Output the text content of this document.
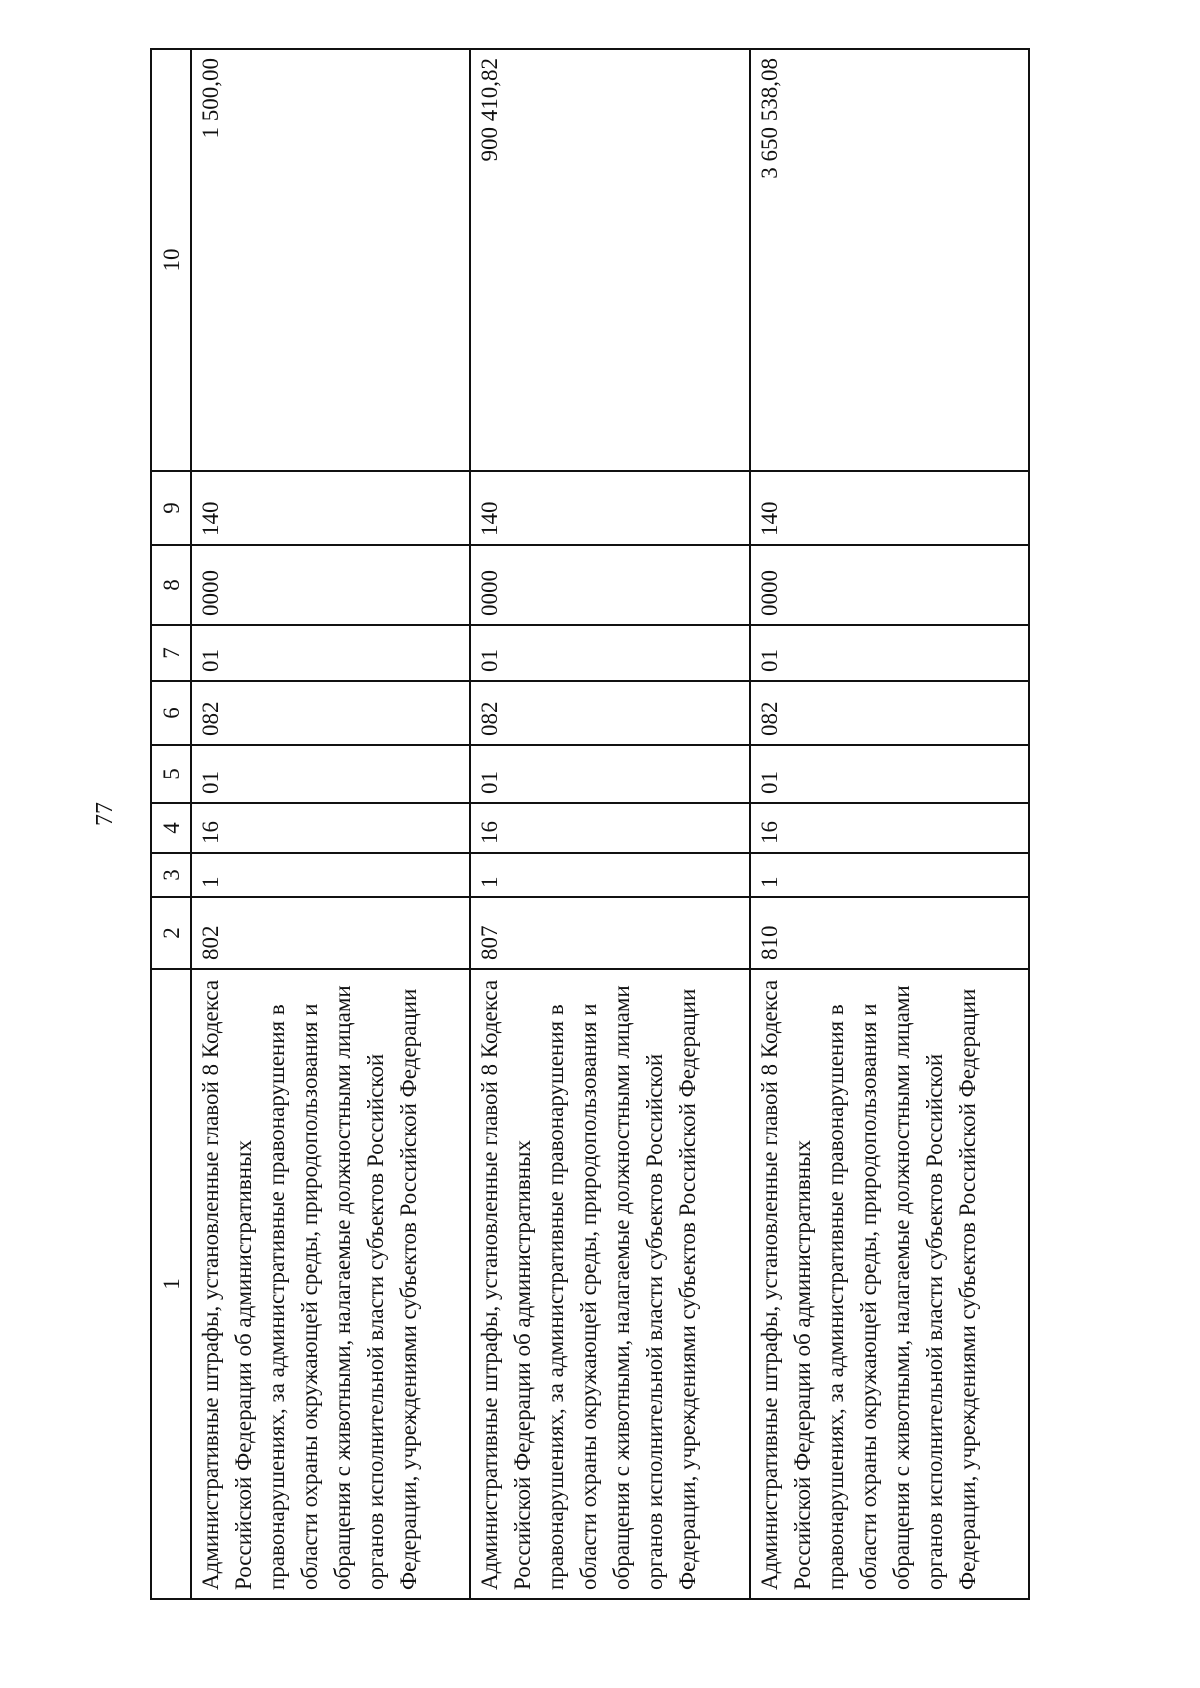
77
1	2	3	4	5	6	7	8	9	10
Административные штрафы, установленные главой 8 Кодекса Российской Федерации об административных правонарушениях, за административные правонарушения в области охраны окружающей среды, природопользования и обращения с животными, налагаемые должностными лицами органов исполнительной власти субъектов Российской Федерации, учреждениями субъектов Российской Федерации	802	1	16	01	082	01	0000	140	1 500,00
Административные штрафы, установленные главой 8 Кодекса Российской Федерации об административных правонарушениях, за административные правонарушения в области охраны окружающей среды, природопользования и обращения с животными, налагаемые должностными лицами органов исполнительной власти субъектов Российской Федерации, учреждениями субъектов Российской Федерации	807	1	16	01	082	01	0000	140	900 410,82
Административные штрафы, установленные главой 8 Кодекса Российской Федерации об административных правонарушениях, за административные правонарушения в области охраны окружающей среды, природопользования и обращения с животными, налагаемые должностными лицами органов исполнительной власти субъектов Российской Федерации, учреждениями субъектов Российской Федерации	810	1	16	01	082	01	0000	140	3 650 538,08
